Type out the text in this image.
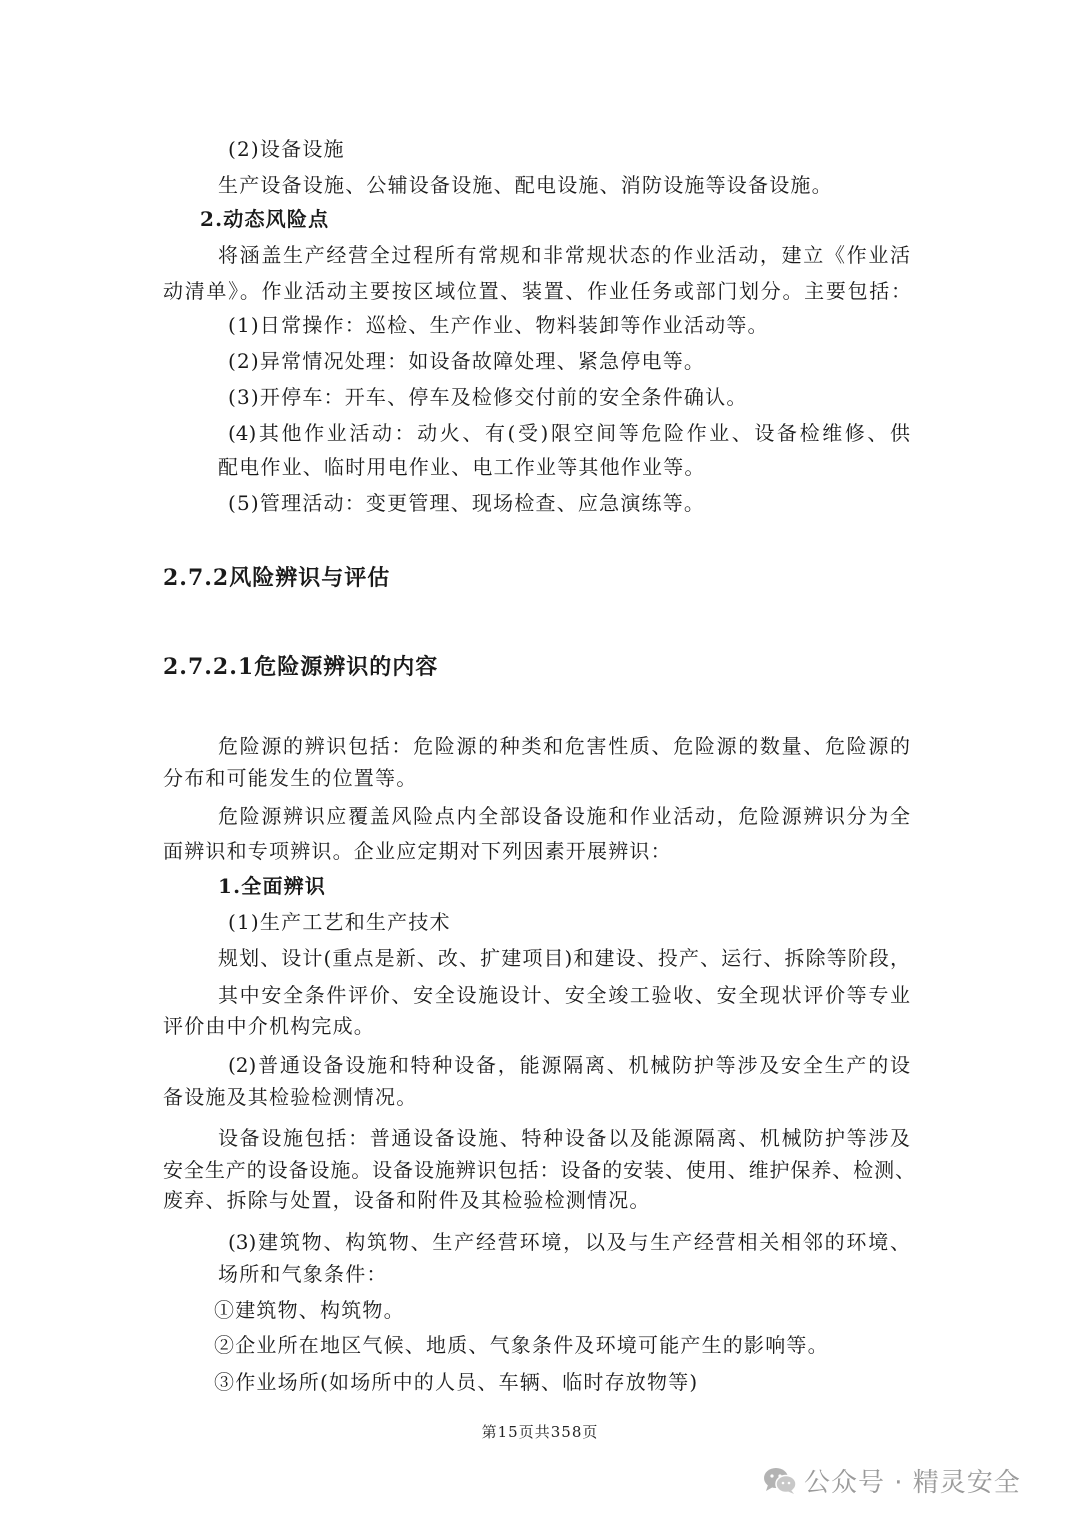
(2)设备设施
生产设备设施、公辅设备设施、配电设施、消防设施等设备设施。
2.动态风险点
将涵盖生产经营全过程所有常规和非常规状态的作业活动，建立《作业活
动清单》。作业活动主要按区域位置、装置、作业任务或部门划分。主要包括：
(1)日常操作：巡检、生产作业、物料装卸等作业活动等。
(2)异常情况处理：如设备故障处理、紧急停电等。
(3)开停车：开车、停车及检修交付前的安全条件确认。
(4)其他作业活动：动火、有(受)限空间等危险作业、设备检维修、供
配电作业、临时用电作业、电工作业等其他作业等。
(5)管理活动：变更管理、现场检查、应急演练等。
2.7.2风险辨识与评估
2.7.2.1危险源辨识的内容
危险源的辨识包括：危险源的种类和危害性质、危险源的数量、危险源的
分布和可能发生的位置等。
危险源辨识应覆盖风险点内全部设备设施和作业活动，危险源辨识分为全
面辨识和专项辨识。企业应定期对下列因素开展辨识：
1.全面辨识
(1)生产工艺和生产技术
规划、设计(重点是新、改、扩建项目)和建设、投产、运行、拆除等阶段，
其中安全条件评价、安全设施设计、安全竣工验收、安全现状评价等专业
评价由中介机构完成。
(2)普通设备设施和特种设备，能源隔离、机械防护等涉及安全生产的设
备设施及其检验检测情况。
设备设施包括：普通设备设施、特种设备以及能源隔离、机械防护等涉及
安全生产的设备设施。设备设施辨识包括：设备的安装、使用、维护保养、检测、
废弃、拆除与处置，设备和附件及其检验检测情况。
(3)建筑物、构筑物、生产经营环境，以及与生产经营相关相邻的环境、
场所和气象条件：
①建筑物、构筑物。
②企业所在地区气候、地质、气象条件及环境可能产生的影响等。
③作业场所(如场所中的人员、车辆、临时存放物等)
第15页共358页
公众号 · 精灵安全
